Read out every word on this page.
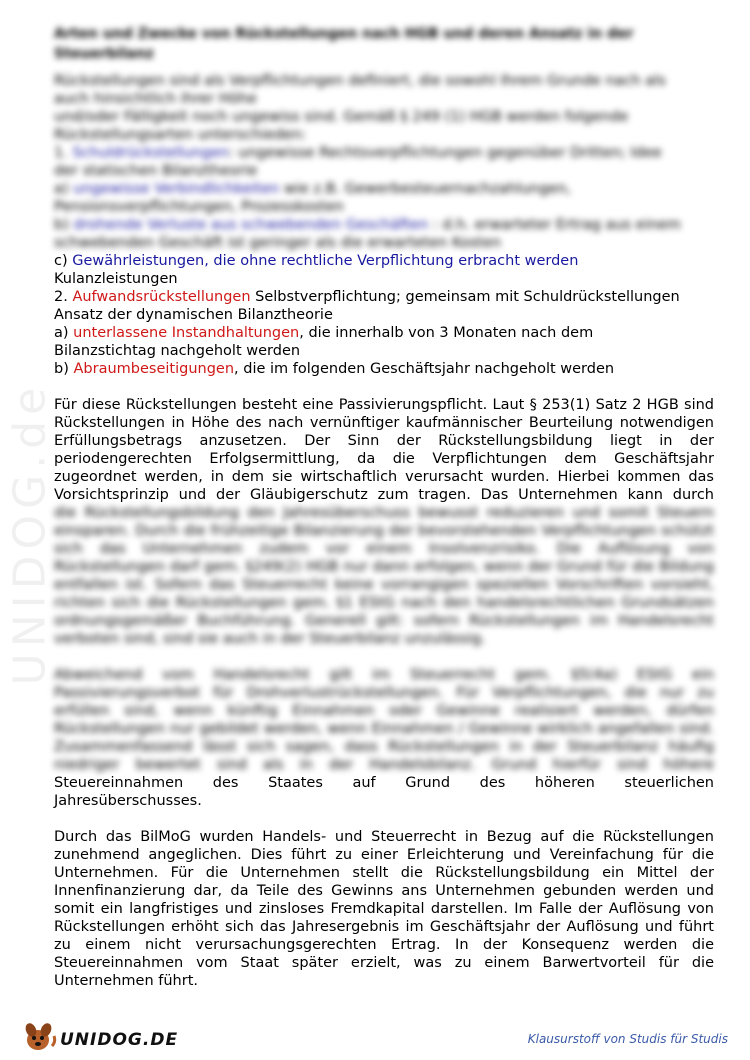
UNIDOG.de
Arten und Zwecke von Rückstellungen nach HGB und deren Ansatz in der Steuerbilanz
Rückstellungen sind als Verpflichtungen definiert, die sowohl Ihrem Grunde nach als
auch hinsichtlich ihrer Höhe
und/oder Fälligkeit noch ungewiss sind. Gemäß § 249 (1) HGB werden folgende
Rückstellungsarten unterschieden:
1. Schuldrückstellungen: ungewisse Rechtsverpflichtungen gegenüber Dritten; Idee
der statischen Bilanztheorie
a) ungewisse Verbindlichkeiten wie z.B. Gewerbesteuernachzahlungen,
Pensionsverpflichtungen, Prozesskosten
b) drohende Verluste aus schwebenden Geschäften : d.h. erwarteter Ertrag aus einem
schwebenden Geschäft ist geringer als die erwarteten Kosten
c) Gewährleistungen, die ohne rechtliche Verpflichtung erbracht werden
Kulanzleistungen
2. Aufwandsrückstellungen Selbstverpflichtung; gemeinsam mit Schuldrückstellungen
Ansatz der dynamischen Bilanztheorie
a) unterlassene Instandhaltungen, die innerhalb von 3 Monaten nach dem
Bilanzstichtag nachgeholt werden
b) Abraumbeseitigungen, die im folgenden Geschäftsjahr nachgeholt werden

Für diese Rückstellungen besteht eine Passivierungspflicht. Laut § 253(1) Satz 2 HGB sind Rückstellungen in Höhe des nach vernünftiger kaufmännischer Beurteilung notwendigen Erfüllungsbetrags anzusetzen. Der Sinn der Rückstellungsbildung liegt in der periodengerechten Erfolgsermittlung, da die Verpflichtungen dem Geschäftsjahr zugeordnet werden, in dem sie wirtschaftlich verursacht wurden. Hierbei kommen das Vorsichtsprinzip und der Gläubigerschutz zum tragen. Das Unternehmen kann durch

die Rückstellungsbildung den Jahresüberschuss bewusst reduzieren und somit Steuern einsparen. Durch die frühzeitige Bilanzierung der bevorstehenden Verpflichtungen schützt sich das Unternehmen zudem vor einem Insolvenzrisiko. Die Auflösung von Rückstellungen darf gem. §249(2) HGB nur dann erfolgen, wenn der Grund für die Bildung entfallen ist. Sofern das Steuerrecht keine vorrangigen speziellen Vorschriften vorsieht, richten sich die Rückstellungen gem. §1 EStG nach den handelsrechtlichen Grundsätzen ordnungsgemäßer Buchführung. Generell gilt: sofern Rückstellungen im Handelsrecht verboten sind, sind sie auch in der Steuerbilanz unzulässig.

Abweichend vom Handelsrecht gilt im Steuerrecht gem. §5(4a) EStG ein Passivierungsverbot für Drohverlustrückstellungen. Für Verpflichtungen, die nur zu erfüllen sind, wenn künftig Einnahmen oder Gewinne realisiert werden, dürfen Rückstellungen nur gebildet werden, wenn Einnahmen / Gewinne wirklich angefallen sind. Zusammenfassend lässt sich sagen, dass Rückstellungen in der Steuerbilanz häufig niedriger bewertet sind als in der Handelsbilanz. Grund hierfür sind höhere

Steuereinnahmen des Staates auf Grund des höheren steuerlichen

Jahresüberschusses.

Durch das BilMoG wurden Handels- und Steuerrecht in Bezug auf die Rückstellungen zunehmend angeglichen. Dies führt zu einer Erleichterung und Vereinfachung für die Unternehmen. Für die Unternehmen stellt die Rückstellungsbildung ein Mittel der Innenfinanzierung dar, da Teile des Gewinns ans Unternehmen gebunden werden und somit ein langfristiges und zinsloses Fremdkapital darstellen. Im Falle der Auflösung von Rückstellungen erhöht sich das Jahresergebnis im Geschäftsjahr der Auflösung und führt zu einem nicht verursachungsgerechten Ertrag. In der Konsequenz werden die Steuereinnahmen vom Staat später erzielt, was zu einem Barwertvorteil für die Unternehmen führt.

UNIDOG.DE	Klausurstoff von Studis für Studis
